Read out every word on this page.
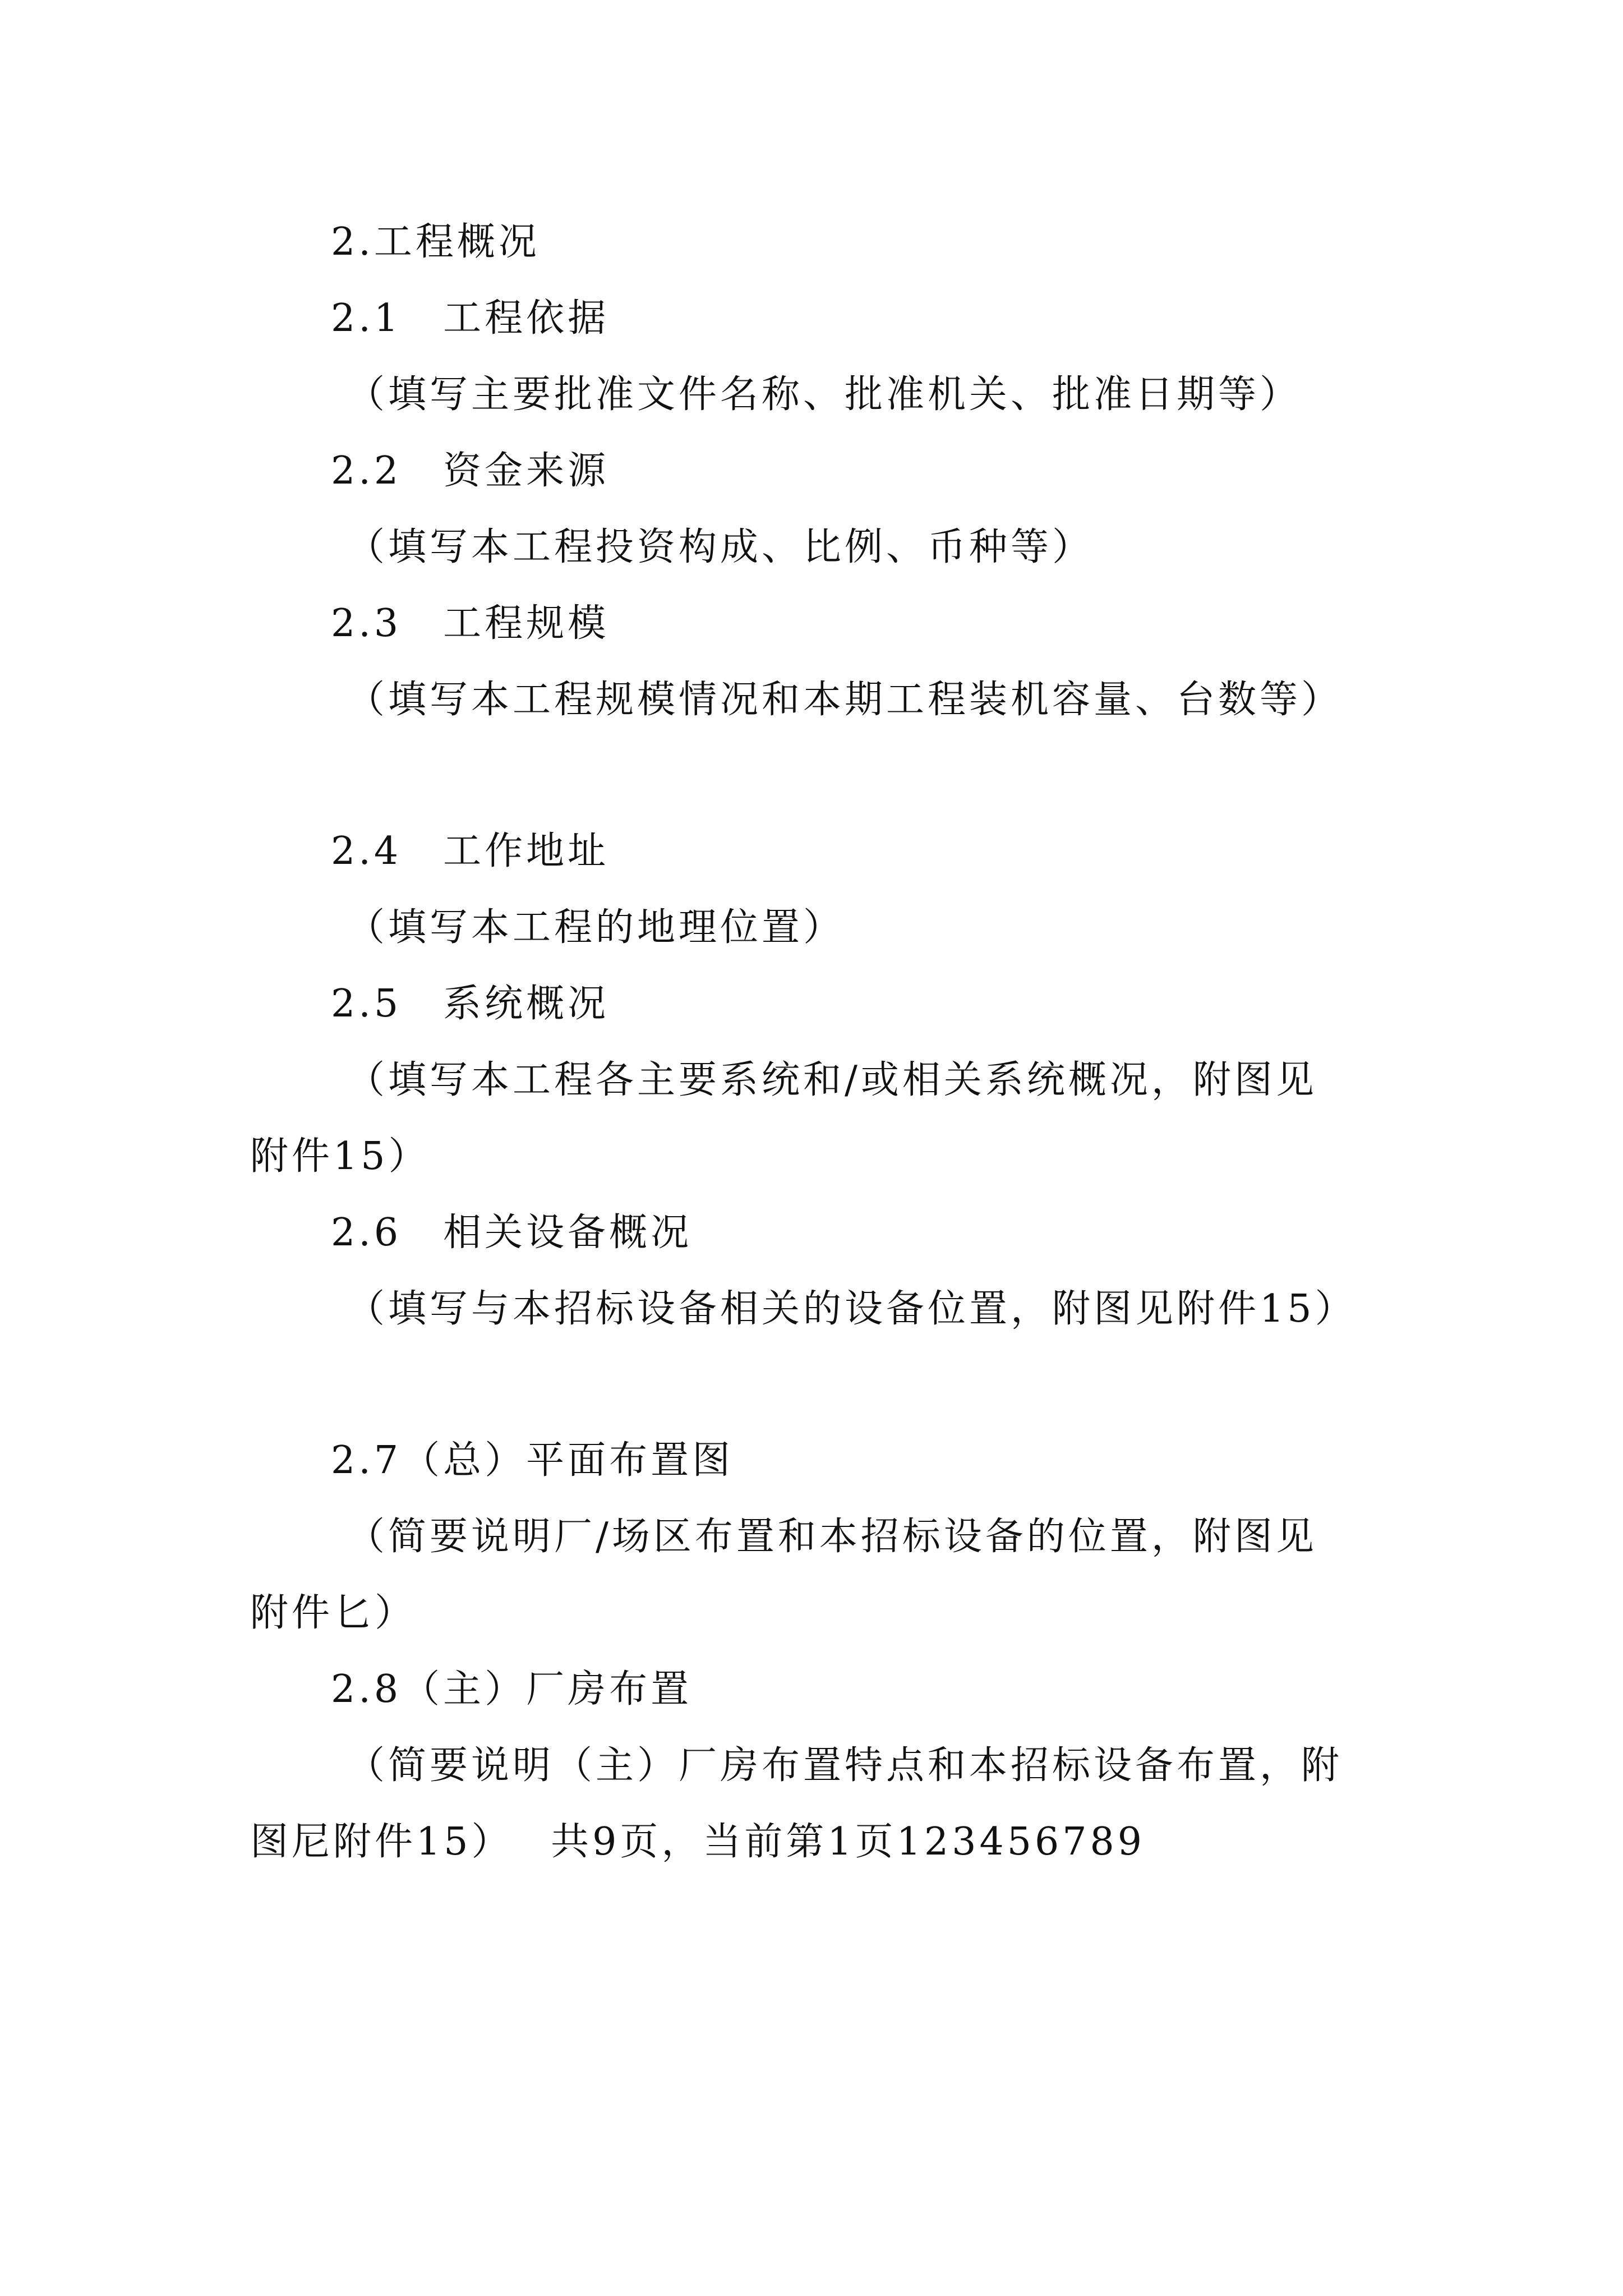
2.工程概况
2.1　工程依据
（填写主要批准文件名称、批准机关、批准日期等）
2.2　资金来源
（填写本工程投资构成、比例、币种等）
2.3　工程规模
（填写本工程规模情况和本期工程装机容量、台数等）
2.4　工作地址
（填写本工程的地理位置）
2.5　系统概况
（填写本工程各主要系统和/或相关系统概况，附图见
附件15）
2.6　相关设备概况
（填写与本招标设备相关的设备位置，附图见附件15）
2.7（总）平面布置图
（简要说明厂/场区布置和本招标设备的位置，附图见
附件匕）
2.8（主）厂房布置
（简要说明（主）厂房布置特点和本招标设备布置，附
图尼附件15）　 共9页，当前第1页123456789
